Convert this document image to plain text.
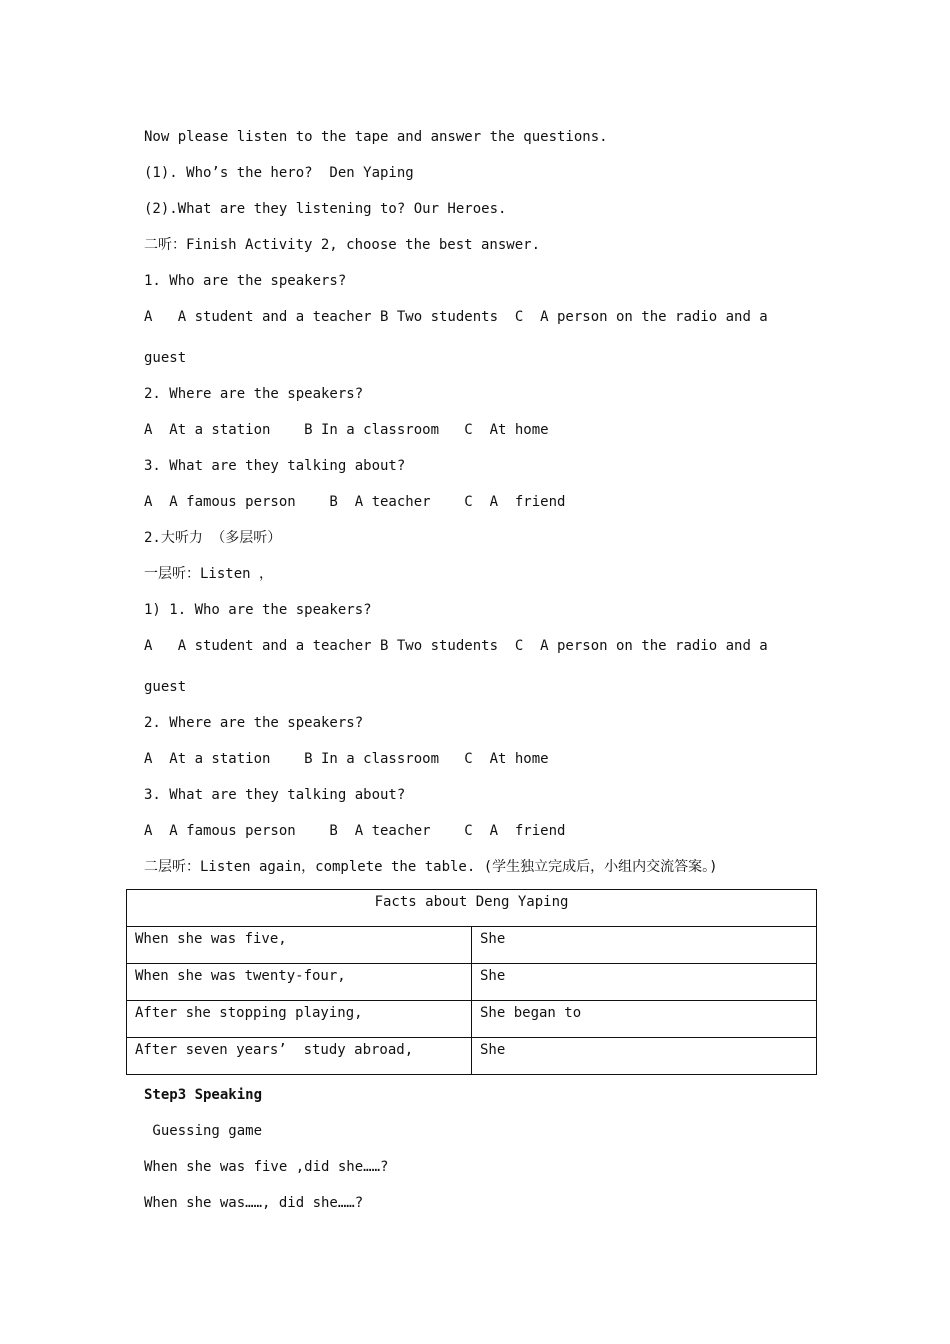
Now please listen to the tape and answer the questions.
(1). Who’s the hero?  Den Yaping
(2).What are they listening to? Our Heroes.
二听：Finish Activity 2, choose the best answer.
1. Who are the speakers?
A   A student and a teacher B Two students  C  A person on the radio and a
guest
2. Where are the speakers?
A  At a station    B In a classroom   C  At home
3. What are they talking about?
A  A famous person    B  A teacher    C  A  friend
2.大听力 （多层听）
一层听：Listen ，
1) 1. Who are the speakers?
A   A student and a teacher B Two students  C  A person on the radio and a
guest
2. Where are the speakers?
A  At a station    B In a classroom   C  At home
3. What are they talking about?
A  A famous person    B  A teacher    C  A  friend
二层听：Listen again，complete the table. (学生独立完成后，小组内交流答案。)
Facts about Deng Yaping	
When she was five,	She
When she was twenty-four,	She
After she stopping playing,	She began to
After seven years’  study abroad,	She
Step3 Speaking
Guessing game
When she was five ,did she……?
When she was……, did she……?
